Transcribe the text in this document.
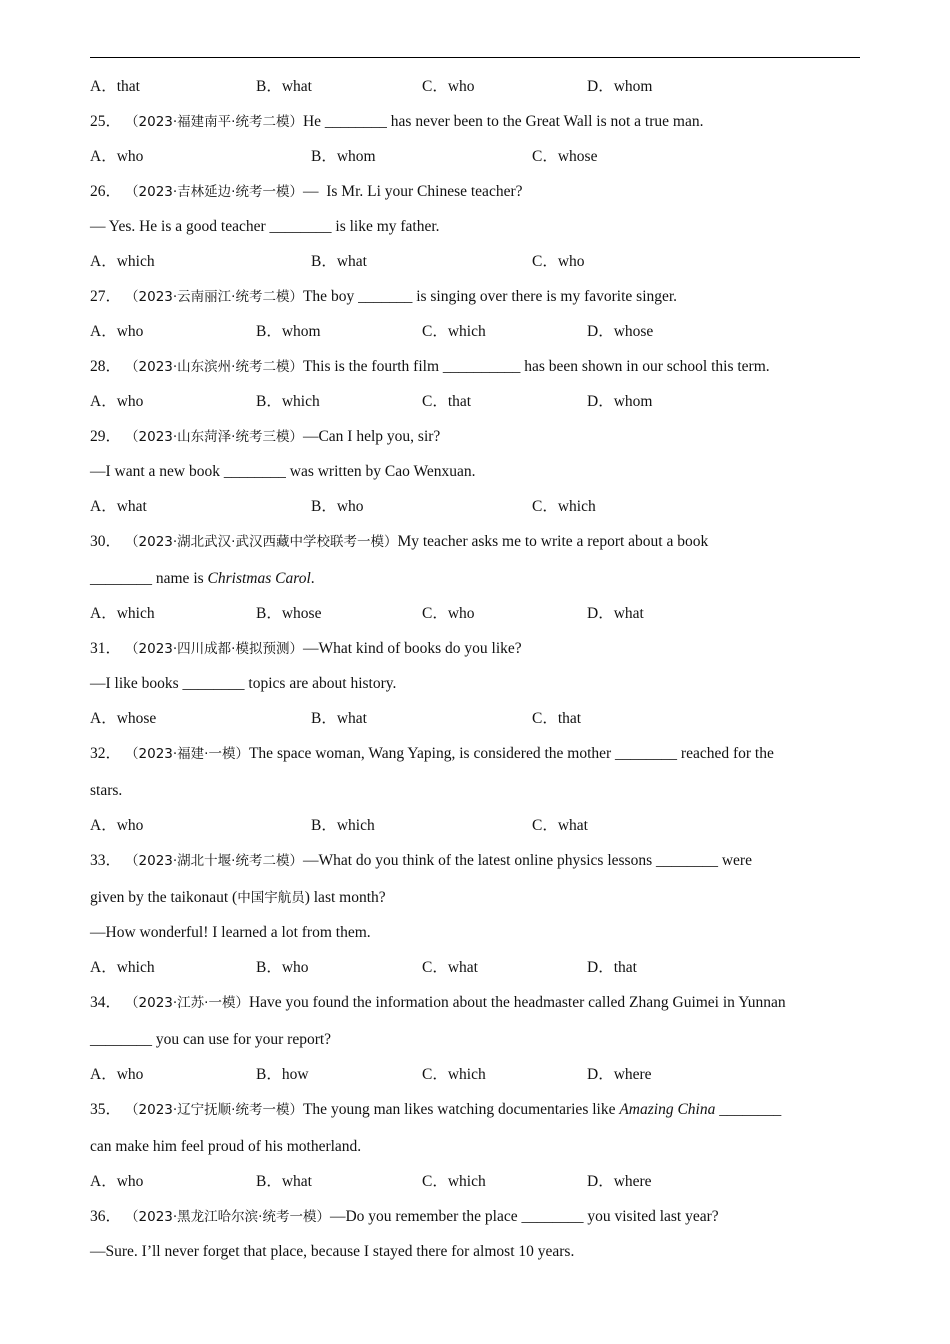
A．that	B．what	C．who	D．whom
25． （2023·福建南平·统考二模）He ________ has never been to the Great Wall is not a true man.
A．who	B．whom	C．whose
26． （2023·吉林延边·统考一模）—  Is Mr. Li your Chinese teacher?
— Yes. He is a good teacher ________ is like my father.
A．which	B．what	C．who
27． （2023·云南丽江·统考二模）The boy _______ is singing over there is my favorite singer.
A．who	B．whom	C．which	D．whose
28． （2023·山东滨州·统考二模）This is the fourth film __________ has been shown in our school this term.
A．who	B．which	C．that	D．whom
29． （2023·山东菏泽·统考三模）—Can I help you, sir?
—I want a new book ________ was written by Cao Wenxuan.
A．what	B．who	C．which
30． （2023·湖北武汉·武汉西藏中学校联考一模）My teacher asks me to write a report about a book
________ name is Christmas Carol.
A．which	B．whose	C．who	D．what
31． （2023·四川成都·模拟预测）—What kind of books do you like?
—I like books ________ topics are about history.
A．whose	B．what	C．that
32． （2023·福建·一模）The space woman, Wang Yaping, is considered the mother ________ reached for the
stars.
A．who	B．which	C．what
33． （2023·湖北十堰·统考二模）—What do you think of the latest online physics lessons ________ were
given by the taikonaut (中国宇航员) last month?
—How wonderful! I learned a lot from them.
A．which	B．who	C．what	D．that
34． （2023·江苏·一模）Have you found the information about the headmaster called Zhang Guimei in Yunnan
________ you can use for your report?
A．who	B．how	C．which	D．where
35． （2023·辽宁抚顺·统考一模）The young man likes watching documentaries like Amazing China ________
can make him feel proud of his motherland.
A．who	B．what	C．which	D．where
36． （2023·黑龙江哈尔滨·统考一模）—Do you remember the place ________ you visited last year?
—Sure. I’ll never forget that place, because I stayed there for almost 10 years.
